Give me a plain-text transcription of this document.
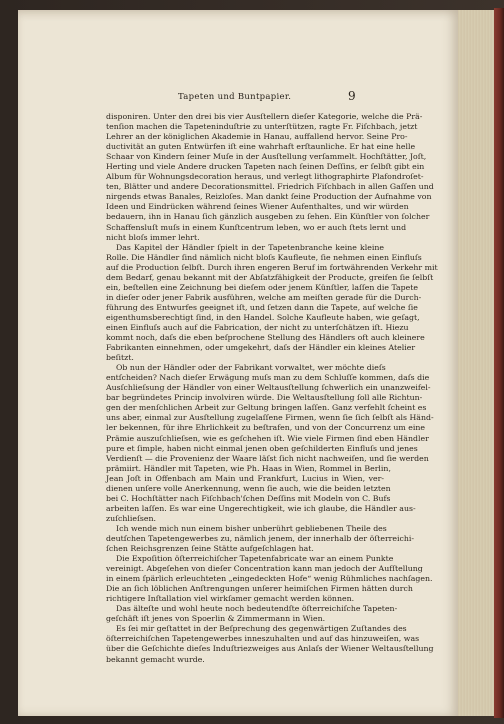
Tapeten und Buntpapier.	9
disponiren. Unter den drei bis vier Ausſtellern dieſer Kategorie, welche die Prä-
tenſion machen die Tapeteninduſtrie zu unterſtützen, ragte Fr. Fiſchbach, jetzt
Lehrer an der königlichen Akademie in Hanau, auffallend hervor. Seine Pro-
ductivität an guten Entwürfen iſt eine wahrhaft erſtaunliche. Er hat eine helle
Schaar von Kindern ſeiner Muſe in der Ausſtellung verſammelt. Hochſtätter, Joſt,
Herting und viele Andere drucken Tapeten nach ſeinen Deſſins, er ſelbſt gibt ein
Album für Wohnungsdecoration heraus, und verlegt lithographirte Plafondroſet-
ten, Blätter und andere Decorationsmittel. Friedrich Fiſchbach in allen Gaſſen und
nirgends etwas Banales, Reizloſes. Man dankt ſeine Production der Aufnahme von
Ideen und Eindrücken während ſeines Wiener Aufenthaltes, und wir würden
bedauern, ihn in Hanau ſich gänzlich ausgeben zu ſehen. Ein Künſtler von ſolcher
Schaffensluſt muſs in einem Kunſtcentrum leben, wo er auch ſtets lernt und
nicht bloſs immer lehrt.
Das Kapitel der Händler ſpielt in der Tapetenbranche keine kleine
Rolle. Die Händler ſind nämlich nicht bloſs Kaufleute, ſie nehmen einen Einfluſs
auf die Production ſelbſt. Durch ihren engeren Beruf im fortwährenden Verkehr mit
dem Bedarf, genau bekannt mit der Abſatzfähigkeit der Producte, greifen ſie ſelbſt
ein, beſtellen eine Zeichnung bei dieſem oder jenem Künſtler, laſſen die Tapete
in dieſer oder jener Fabrik ausführen, welche am meiſten gerade für die Durch-
führung des Entwurfes geeignet iſt, und ſetzen dann die Tapete, auf welche ſie
eigenthumsberechtigt ſind, in den Handel. Solche Kaufleute haben, wie geſagt,
einen Einfluſs auch auf die Fabrication, der nicht zu unterſchätzen iſt. Hiezu
kommt noch, daſs die eben beſprochene Stellung des Händlers oft auch kleinere
Fabrikanten einnehmen, oder umgekehrt, daſs der Händler ein kleines Atelier
beſitzt.
Ob nun der Händler oder der Fabrikant vorwaltet, wer möchte dieſs
entſcheiden? Nach dieſer Erwägung muſs man zu dem Schluſſe kommen, daſs die
Ausſchlieſsung der Händler von einer Weltausſtellung ſchwerlich ein unanzweifel-
bar begründetes Princip involviren würde. Die Weltausſtellung ſoll alle Richtun-
gen der menſchlichen Arbeit zur Geltung bringen laſſen. Ganz verfehlt ſcheint es
uns aber, einmal zur Ausſtellung zugelaſſene Firmen, wenn ſie ſich ſelbſt als Händ-
ler bekennen, für ihre Ehrlichkeit zu beſtrafen, und von der Concurrenz um eine
Prämie auszuſchlieſsen, wie es geſchehen iſt. Wie viele Firmen ſind eben Händler
pure et ſimple, haben nicht einmal jenen oben geſchilderten Einfluſs und jenes
Verdienſt — die Provenienz der Waare läſst ſich nicht nachweiſen, und ſie werden
prämiirt. Händler mit Tapeten, wie Ph. Haas in Wien, Rommel in Berlin,
Jean Joſt in Offenbach am Main und Frankfurt, Lucius in Wien, ver-
dienen unſere volle Anerkennung, wenn ſie auch, wie die beiden letzten
bei C. Hochſtätter nach Fiſchbach'ſchen Deſſins mit Modeln von C. Bufs
arbeiten laſſen. Es war eine Ungerechtigkeit, wie ich glaube, die Händler aus-
zuſchlieſsen.
Ich wende mich nun einem bisher unberührt gebliebenen Theile des
deutſchen Tapetengewerbes zu, nämlich jenem, der innerhalb der öſterreichi-
ſchen Reichsgrenzen ſeine Stätte aufgeſchlagen hat.
Die Expoſition öſterreichiſcher Tapetenfabricate war an einem Punkte
vereinigt. Abgeſehen von dieſer Concentration kann man jedoch der Aufſtellung
in einem ſpärlich erleuchteten „eingedeckten Hofe“ wenig Rühmliches nachſagen.
Die an ſich löblichen Anſtrengungen unſerer heimiſchen Firmen hätten durch
richtigere Inſtallation viel wirkſamer gemacht werden können.
Das älteſte und wohl heute noch bedeutendſte öſterreichiſche Tapeten-
geſchäft iſt jenes von Spoerlin & Zimmermann in Wien.
Es ſei mir geſtattet in der Beſprechung des gegenwärtigen Zuſtandes des
öſterreichiſchen Tapetengewerbes inneszuhalten und auf das hinzuweiſen, was
über die Geſchichte dieſes Induſtriezweiges aus Anlaſs der Wiener Weltausſtellung
bekannt gemacht wurde.
